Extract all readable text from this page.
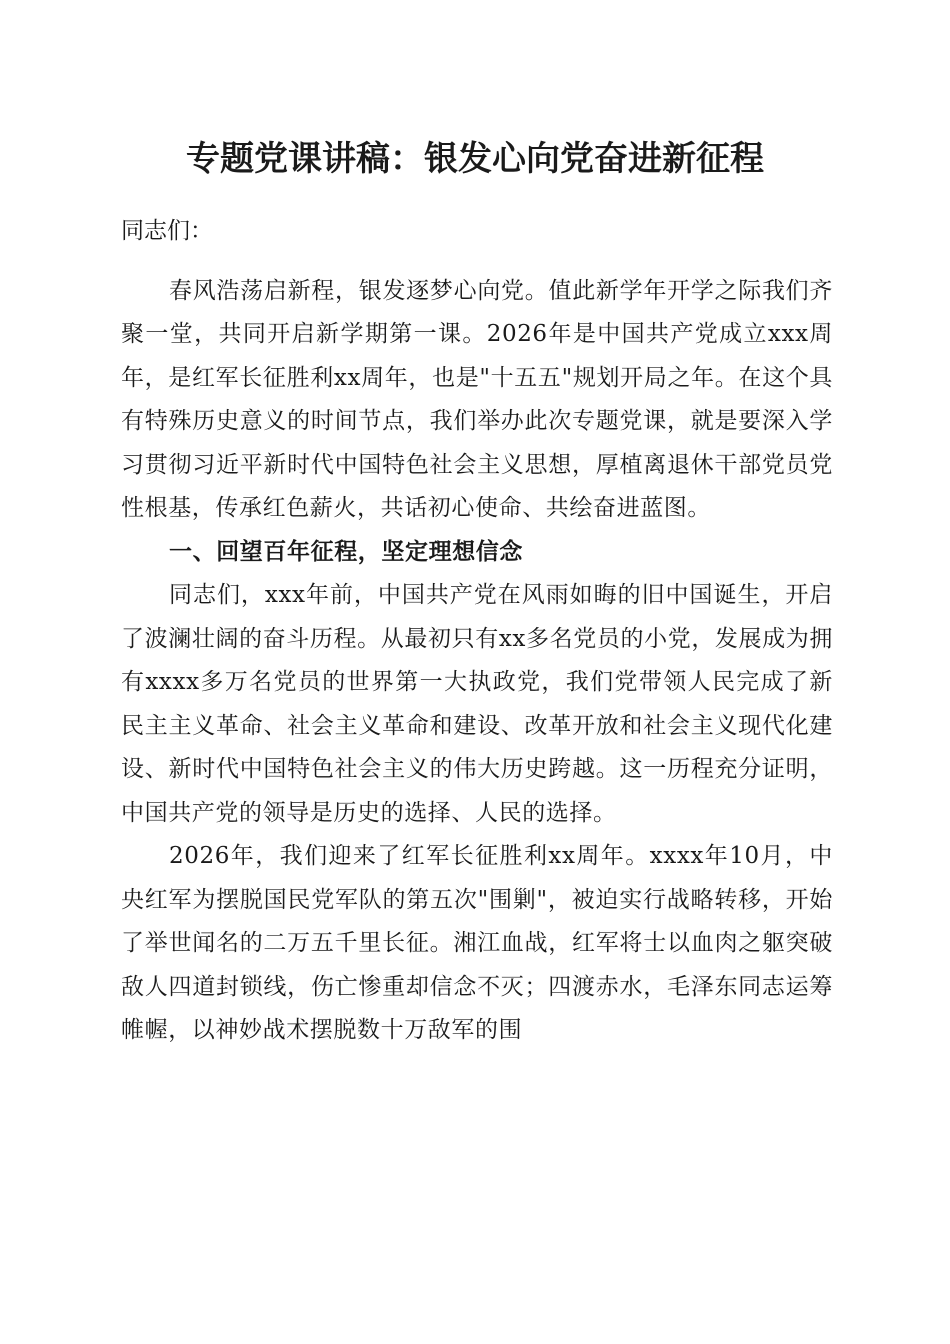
专题党课讲稿：银发心向党奋进新征程

同志们：

春风浩荡启新程，银发逐梦心向党。值此新学年开学之际我们齐聚一堂，共同开启新学期第一课。2026年是中国共产党成立xxx周年，是红军长征胜利xx周年，也是"十五五"规划开局之年。在这个具有特殊历史意义的时间节点，我们举办此次专题党课，就是要深入学习贯彻习近平新时代中国特色社会主义思想，厚植离退休干部党员党性根基，传承红色薪火，共话初心使命、共绘奋进蓝图。

一、回望百年征程，坚定理想信念

同志们，xxx年前，中国共产党在风雨如晦的旧中国诞生，开启了波澜壮阔的奋斗历程。从最初只有xx多名党员的小党，发展成为拥有xxxx多万名党员的世界第一大执政党，我们党带领人民完成了新民主主义革命、社会主义革命和建设、改革开放和社会主义现代化建设、新时代中国特色社会主义的伟大历史跨越。这一历程充分证明，中国共产党的领导是历史的选择、人民的选择。

2026年，我们迎来了红军长征胜利xx周年。xxxx年10月，中央红军为摆脱国民党军队的第五次"围剿"，被迫实行战略转移，开始了举世闻名的二万五千里长征。湘江血战，红军将士以血肉之躯突破敌人四道封锁线，伤亡惨重却信念不灭；四渡赤水，毛泽东同志运筹帷幄，以神妙战术摆脱数十万敌军的围
